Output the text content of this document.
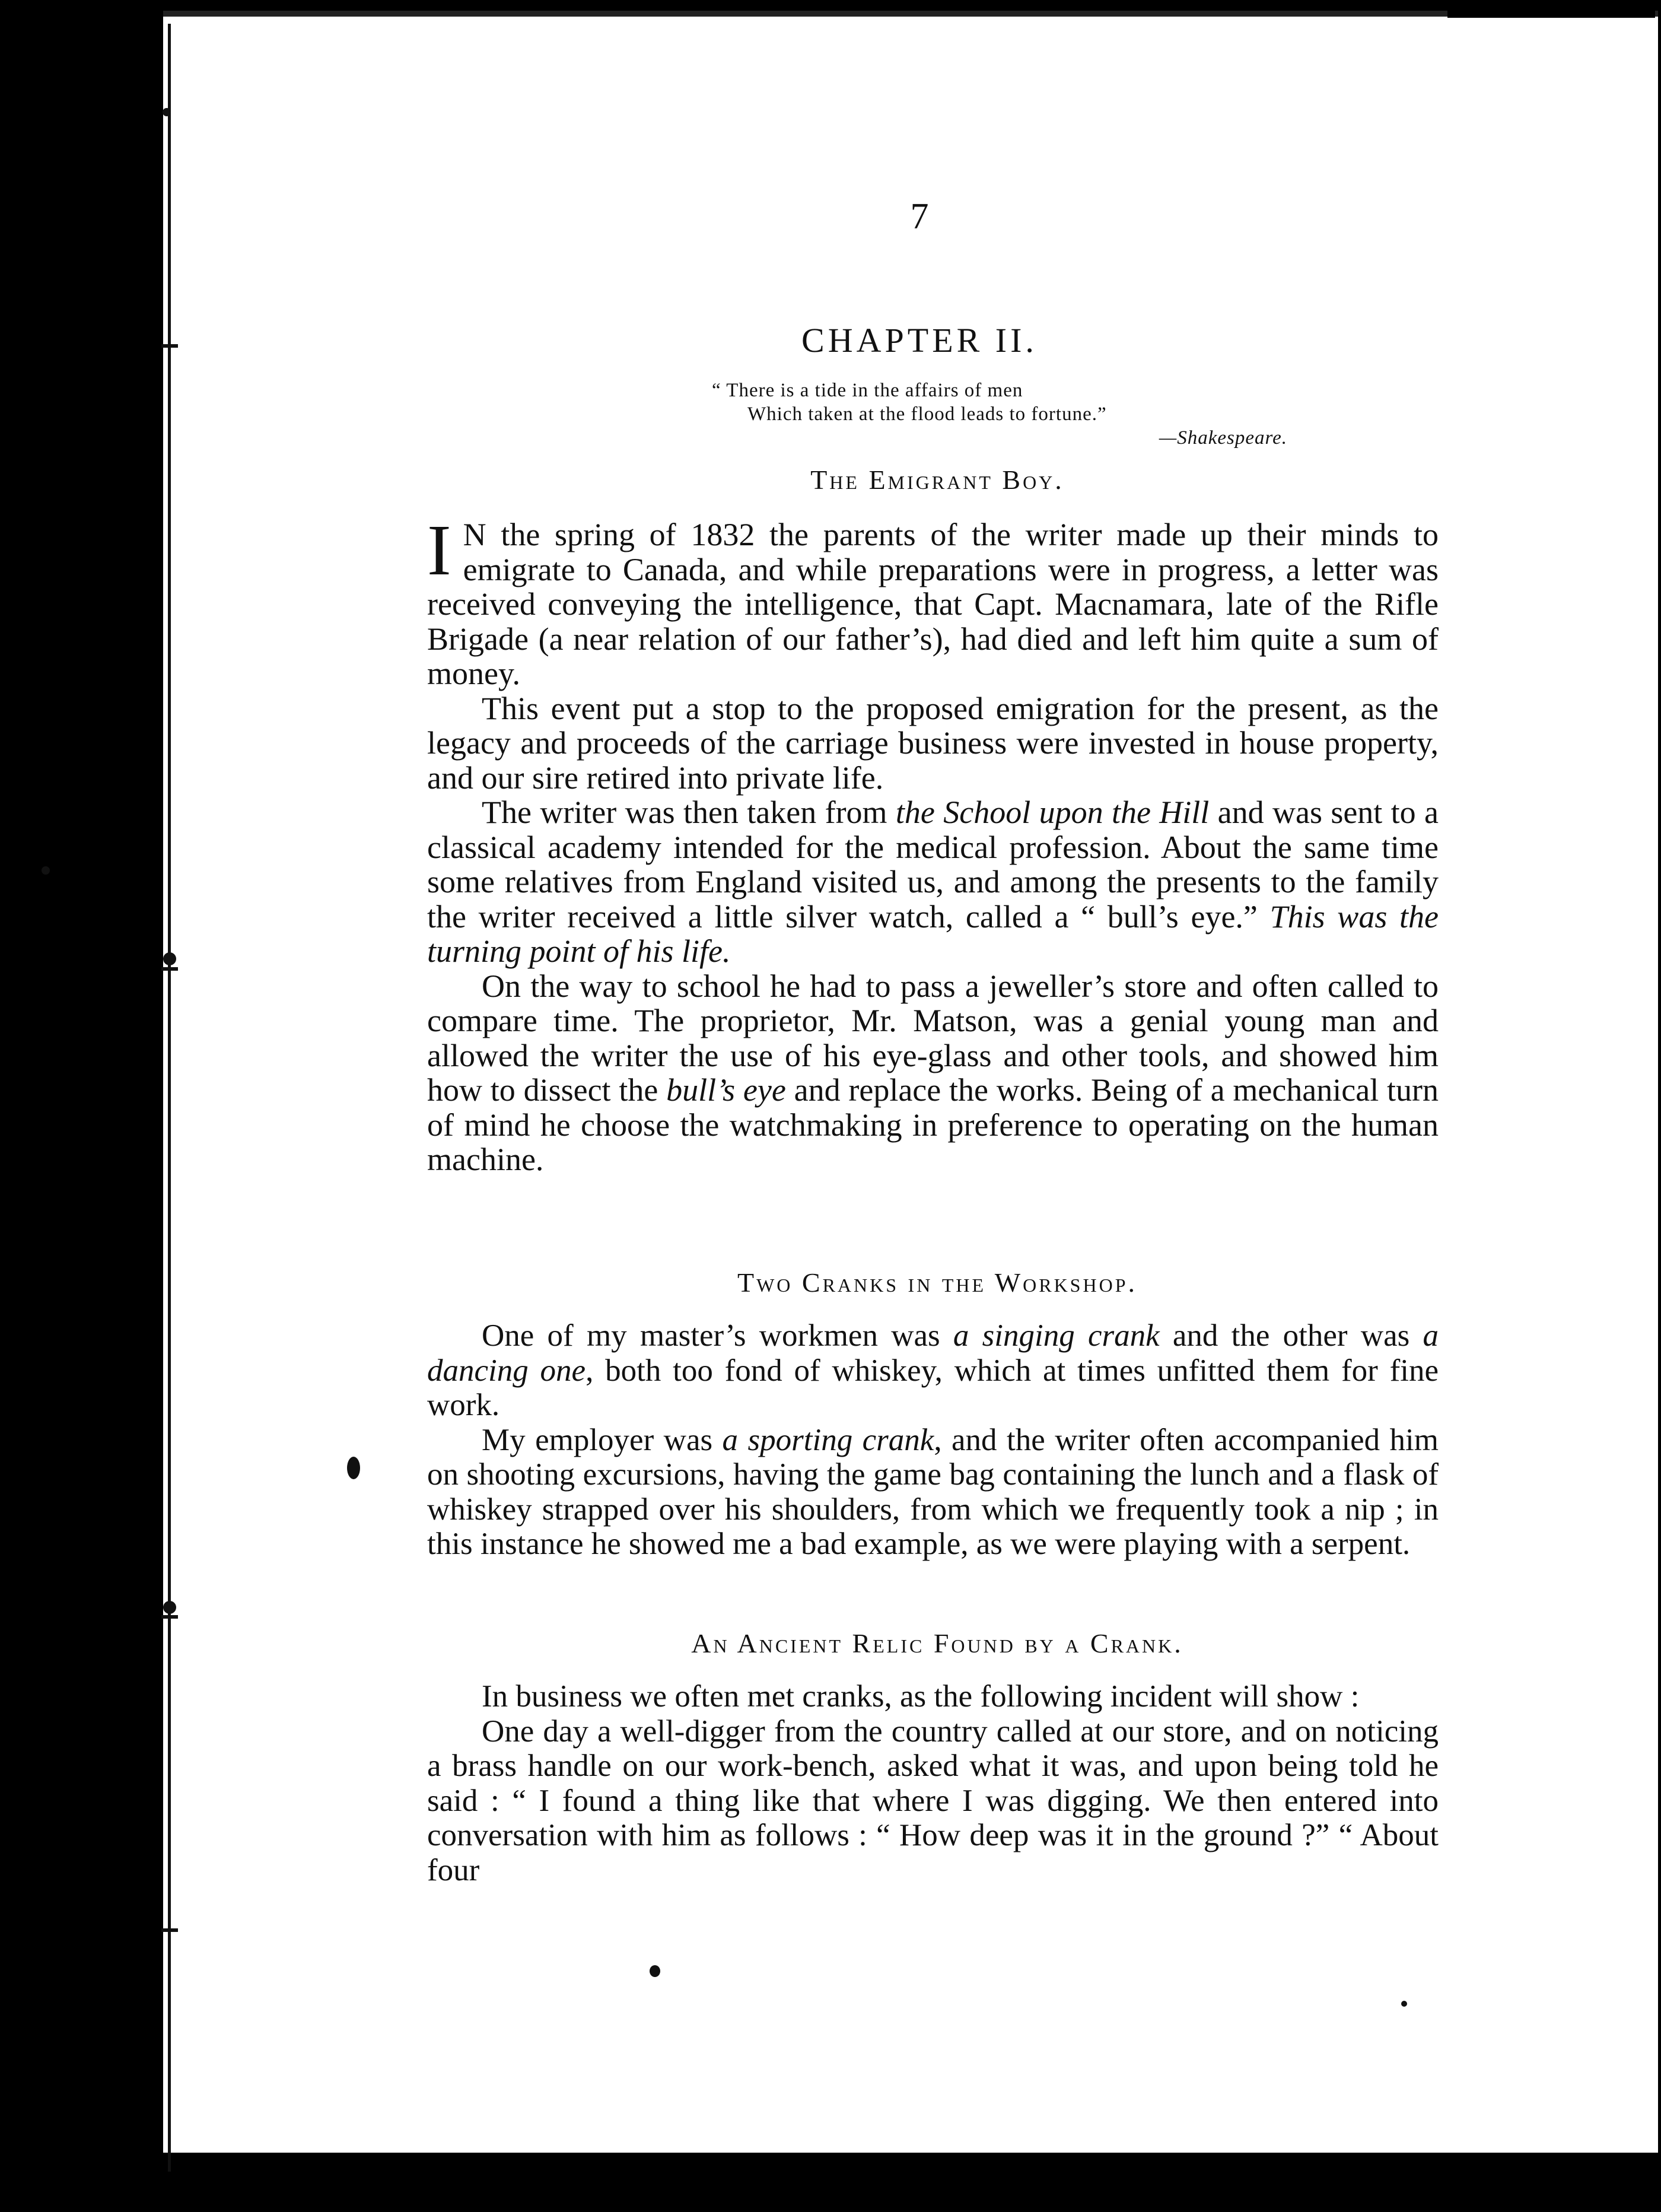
7
CHAPTER II.
“ There is a tide in the affairs of men
Which taken at the flood leads to fortune.”
—Shakespeare.
The Emigrant Boy.

I N the spring of 1832 the parents of the writer made up their minds to emigrate to Canada, and while preparations were in progress, a letter was received conveying the intelligence, that Capt. Macnamara, late of the Rifle Brigade (a near relation of our father’s), had died and left him quite a sum of money.

This event put a stop to the proposed emigration for the present, as the legacy and proceeds of the carriage business were invested in house property, and our sire retired into private life.

The writer was then taken from the School upon the Hill and was sent to a classical academy intended for the medical profession. About the same time some relatives from England visited us, and among the presents to the family the writer received a little silver watch, called a “ bull’s eye.” This was the turning point of his life.

On the way to school he had to pass a jeweller’s store and often called to compare time. The proprietor, Mr. Matson, was a genial young man and allowed the writer the use of his eye-glass and other tools, and showed him how to dissect the bull’s eye and replace the works. Being of a mechanical turn of mind he choose the watchmaking in preference to operating on the human machine.

Two Cranks in the Workshop.

One of my master’s workmen was a singing crank and the other was a dancing one, both too fond of whiskey, which at times unfitted them for fine work.

My employer was a sporting crank, and the writer often accompanied him on shooting excursions, having the game bag containing the lunch and a flask of whiskey strapped over his shoulders, from which we frequently took a nip ; in this instance he showed me a bad example, as we were playing with a serpent.

An Ancient Relic Found by a Crank.

In business we often met cranks, as the following incident will show :

One day a well-digger from the country called at our store, and on noticing a brass handle on our work-bench, asked what it was, and upon being told he said : “ I found a thing like that where I was digging. We then entered into conversation with him as follows : “ How deep was it in the ground ?” “ About four
